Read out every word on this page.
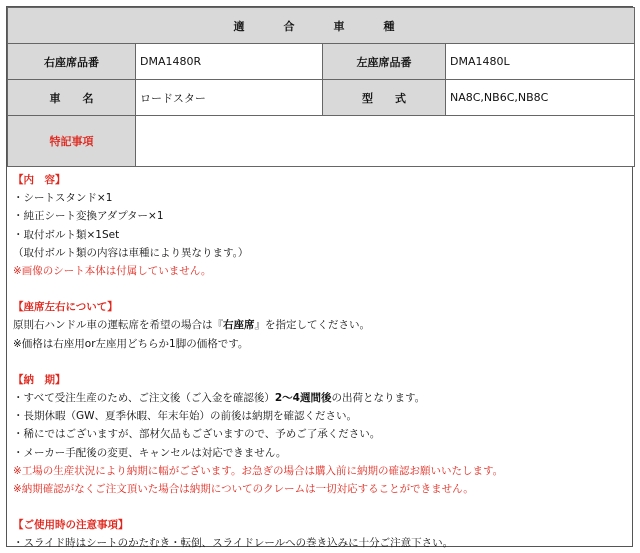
適　合　車　種			
右座席品番	DMA1480R	左座席品番	DMA1480L
車　　名	ロードスター	型　　式	NA8C,NB6C,NB8C
特記事項			
【内　容】
・シートスタンド×1
・純正シート変換アダプター×1
・取付ボルト類×1Set
（取付ボルト類の内容は車種により異なります。）
※画像のシート本体は付属していません。
【座席左右について】
原則右ハンドル車の運転席を希望の場合は『右座席』を指定してください。
※価格は右座用or左座用どちらか1脚の価格です。
【納　期】
・すべて受注生産のため、ご注文後（ご入金を確認後）2～4週間後の出荷となります。
・長期休暇（GW、夏季休暇、年末年始）の前後は納期を確認ください。
・稀にではございますが、部材欠品もございますので、予めご了承ください。
・メーカー手配後の変更、キャンセルは対応できません。
※工場の生産状況により納期に幅がございます。お急ぎの場合は購入前に納期の確認お願いいたします。
※納期確認がなくご注文頂いた場合は納期についてのクレームは一切対応することができません。
【ご使用時の注意事項】
・スライド時はシートのかたむき・転倒、スライドレールへの巻き込みに十分ご注意下さい。
